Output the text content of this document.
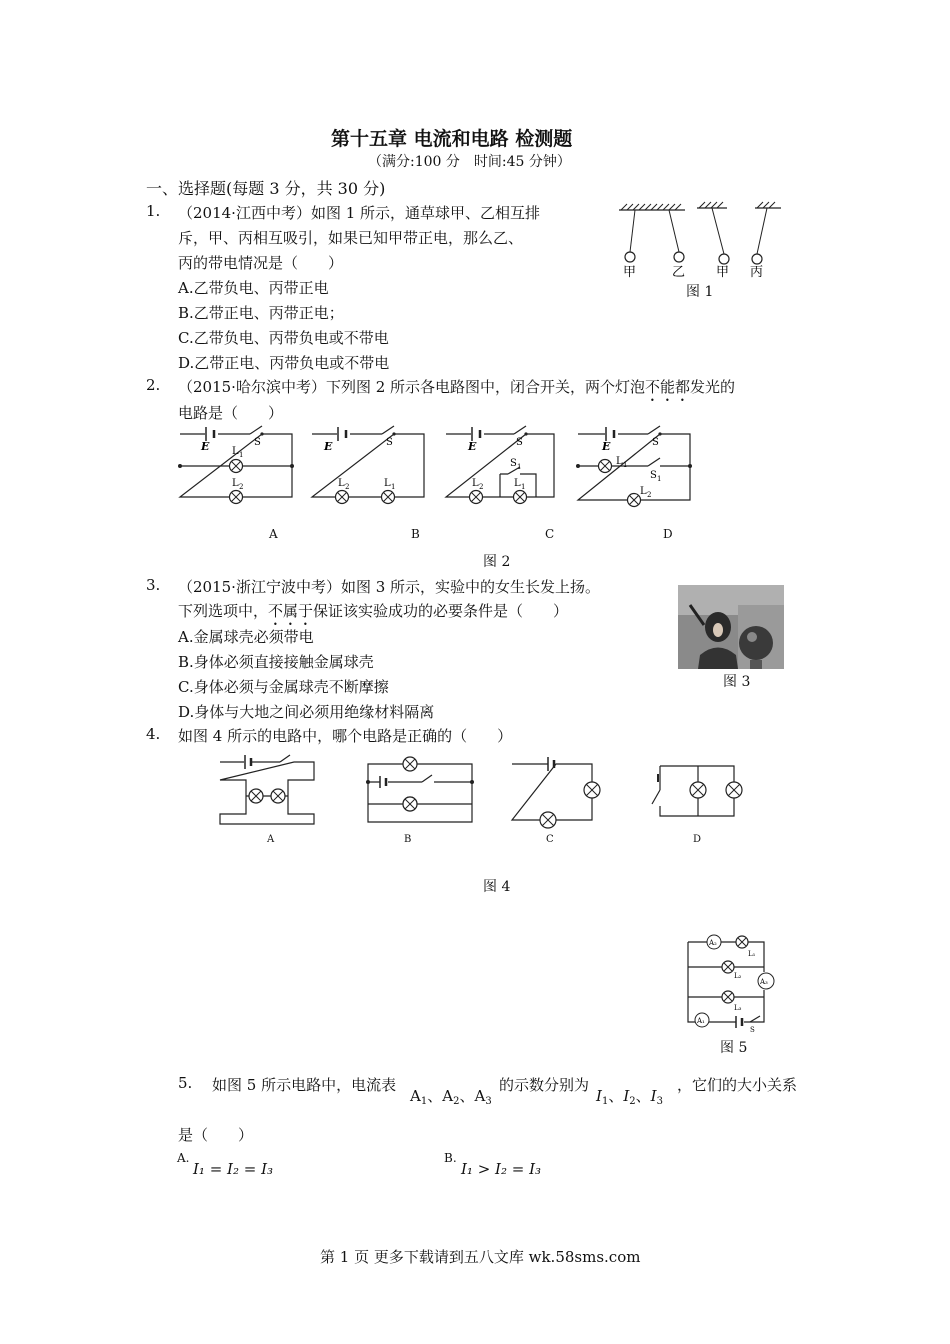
第十五章 电流和电路 检测题
（满分:100 分　时间:45 分钟）
一、选择题(每题 3 分，共 30 分)
1. （2014·江西中考）如图 1 所示，通草球甲、乙相互排
斥，甲、丙相互吸引，如果已知甲带正电，那么乙、
丙的带电情况是（　　）
A.乙带负电、丙带正电
B.乙带正电、丙带正电；
C.乙带负电、丙带负电或不带电
D.乙带正电、丙带负电或不带电
甲	乙 甲 丙
图 1
2. （2015·哈尔滨中考）下列图 2 所示各电路图中，闭合开关，两个灯泡不能都发光的
电路是（　　）
E	S
L 1
L 2
E	S
L 2	L 1
E	S
S 1
L 2	L 1
E	S
L 1
S 1
L 2
A	B	C	D
图 2
3. （2015·浙江宁波中考）如图 3 所示，实验中的女生长发上扬。
下列选项中，不属于保证该实验成功的必要条件是（　　）
A.金属球壳必须带电
B.身体必须直接接触金属球壳
C.身体必须与金属球壳不断摩擦
D.身体与大地之间必须用绝缘材料隔离
图 3
4. 如图 4 所示的电路中，哪个电路是正确的（　　）
A	B	C	D
图 4
A₂
A₃
A₁
L₁
L₂
L₃
S
图 5
5. 如图 5 所示电路中，电流表
$A_1$、$A_2$、$A_3$
的示数分别为
$I_1$、$I_2$、$I_3$
，它们的大小关系
是（　　）
A.
I₁ = I₂ = I₃
B.
I₁ > I₂ = I₃
第 1 页 更多下载请到五八文库 wk.58sms.com
